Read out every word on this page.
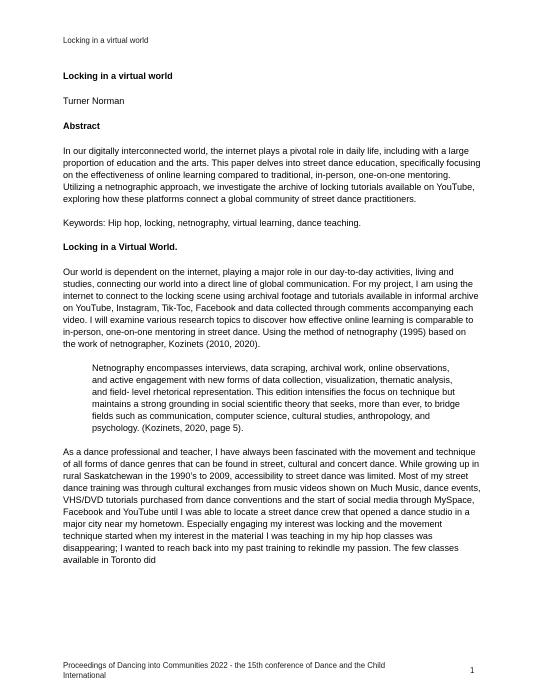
Locking in a virtual world

Locking in a virtual world

Turner Norman

Abstract

In our digitally interconnected world, the internet plays a pivotal role in daily life, including with a large proportion of education and the arts. This paper delves into street dance education, specifically focusing on the effectiveness of online learning compared to traditional, in-person, one-on-one mentoring. Utilizing a netnographic approach, we investigate the archive of locking tutorials available on YouTube, exploring how these platforms connect a global community of street dance practitioners.

Keywords: Hip hop, locking, netnography, virtual learning, dance teaching.

Locking in a Virtual World.

Our world is dependent on the internet, playing a major role in our day-to-day activities, living and studies, connecting our world into a direct line of global communication. For my project, I am using the internet to connect to the locking scene using archival footage and tutorials available in informal archive on YouTube, Instagram, Tik-Toc, Facebook and data collected through comments accompanying each video. I will examine various research topics to discover how effective online learning is comparable to in-person, one-on-one mentoring in street dance. Using the method of netnography (1995) based on the work of netnographer, Kozinets (2010, 2020).

Netnography encompasses interviews, data scraping, archival work, online observations, and active engagement with new forms of data collection, visualization, thematic analysis, and field- level rhetorical representation. This edition intensifies the focus on technique but maintains a strong grounding in social scientific theory that seeks, more than ever, to bridge fields such as communication, computer science, cultural studies, anthropology, and psychology. (Kozinets, 2020, page 5).

As a dance professional and teacher, I have always been fascinated with the movement and technique of all forms of dance genres that can be found in street, cultural and concert dance. While growing up in rural Saskatchewan in the 1990’s to 2009, accessibility to street dance was limited. Most of my street dance training was through cultural exchanges from music videos shown on Much Music, dance events, VHS/DVD tutorials purchased from dance conventions and the start of social media through MySpace, Facebook and YouTube until I was able to locate a street dance crew that opened a dance studio in a major city near my hometown. Especially engaging my interest was locking and the movement technique started when my interest in the material I was teaching in my hip hop classes was disappearing; I wanted to reach back into my past training to rekindle my passion. The few classes available in Toronto did

Proceedings of Dancing into Communities 2022 - the 15th conference of Dance and the Child International
1
